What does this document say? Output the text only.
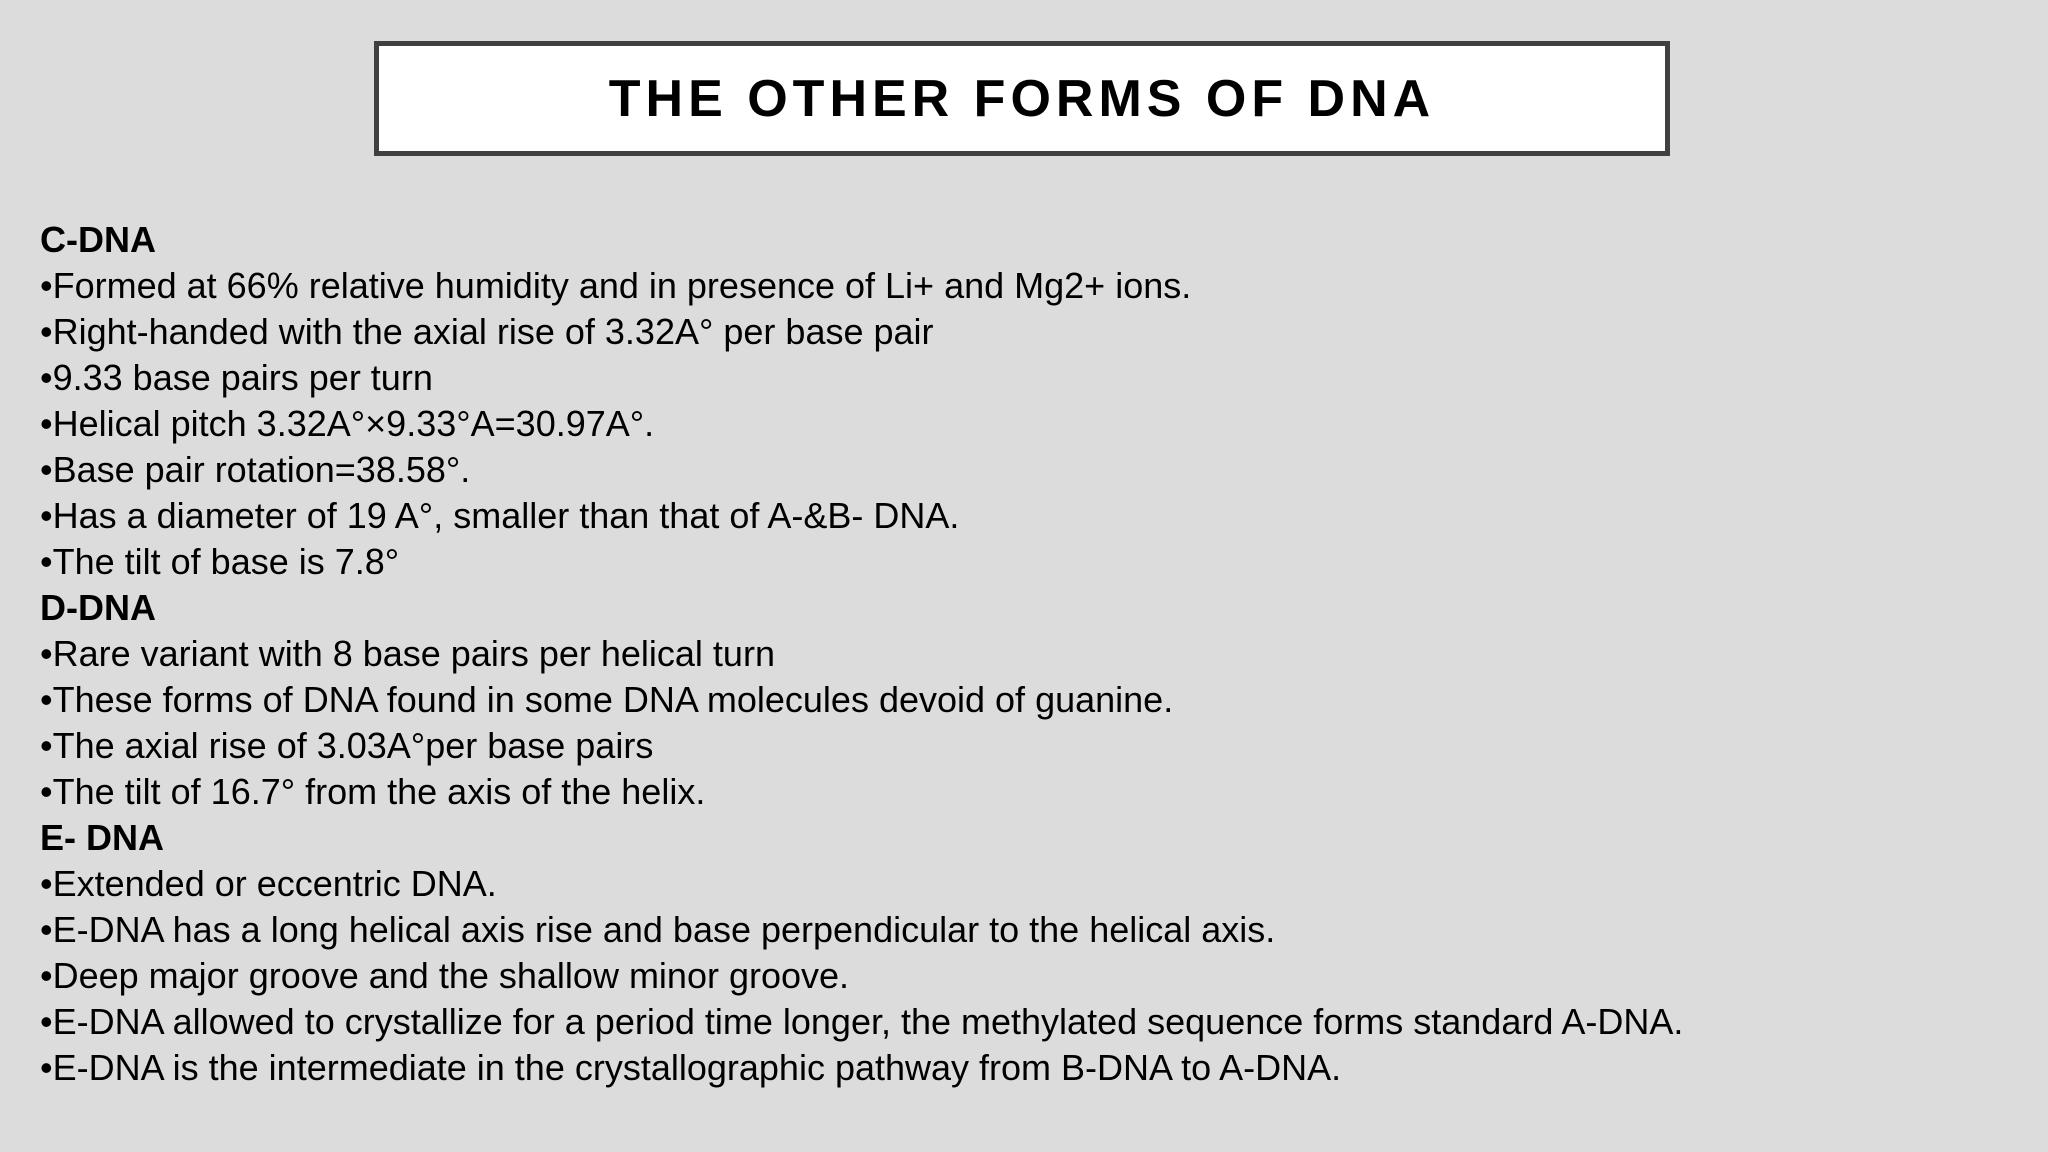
THE OTHER FORMS OF DNA
C-DNA
•Formed at 66% relative humidity and in presence of Li+ and Mg2+ ions.
•Right-handed with the axial rise of 3.32A° per base pair
•9.33 base pairs per turn
•Helical pitch 3.32A°×9.33°A=30.97A°.
•Base pair rotation=38.58°.
•Has a diameter of 19 A°, smaller than that of A-&B- DNA.
•The tilt of base is 7.8°
D-DNA
•Rare variant with 8 base pairs per helical turn
•These forms of DNA found in some DNA molecules devoid of guanine.
•The axial rise of 3.03A°per base pairs
•The tilt of 16.7° from the axis of the helix.
E- DNA
•Extended or eccentric DNA.
•E-DNA has a long helical axis rise and base perpendicular to the helical axis.
•Deep major groove and the shallow minor groove.
•E-DNA allowed to crystallize for a period time longer, the methylated sequence forms standard A-DNA.
•E-DNA is the intermediate in the crystallographic pathway from B-DNA to A-DNA.
